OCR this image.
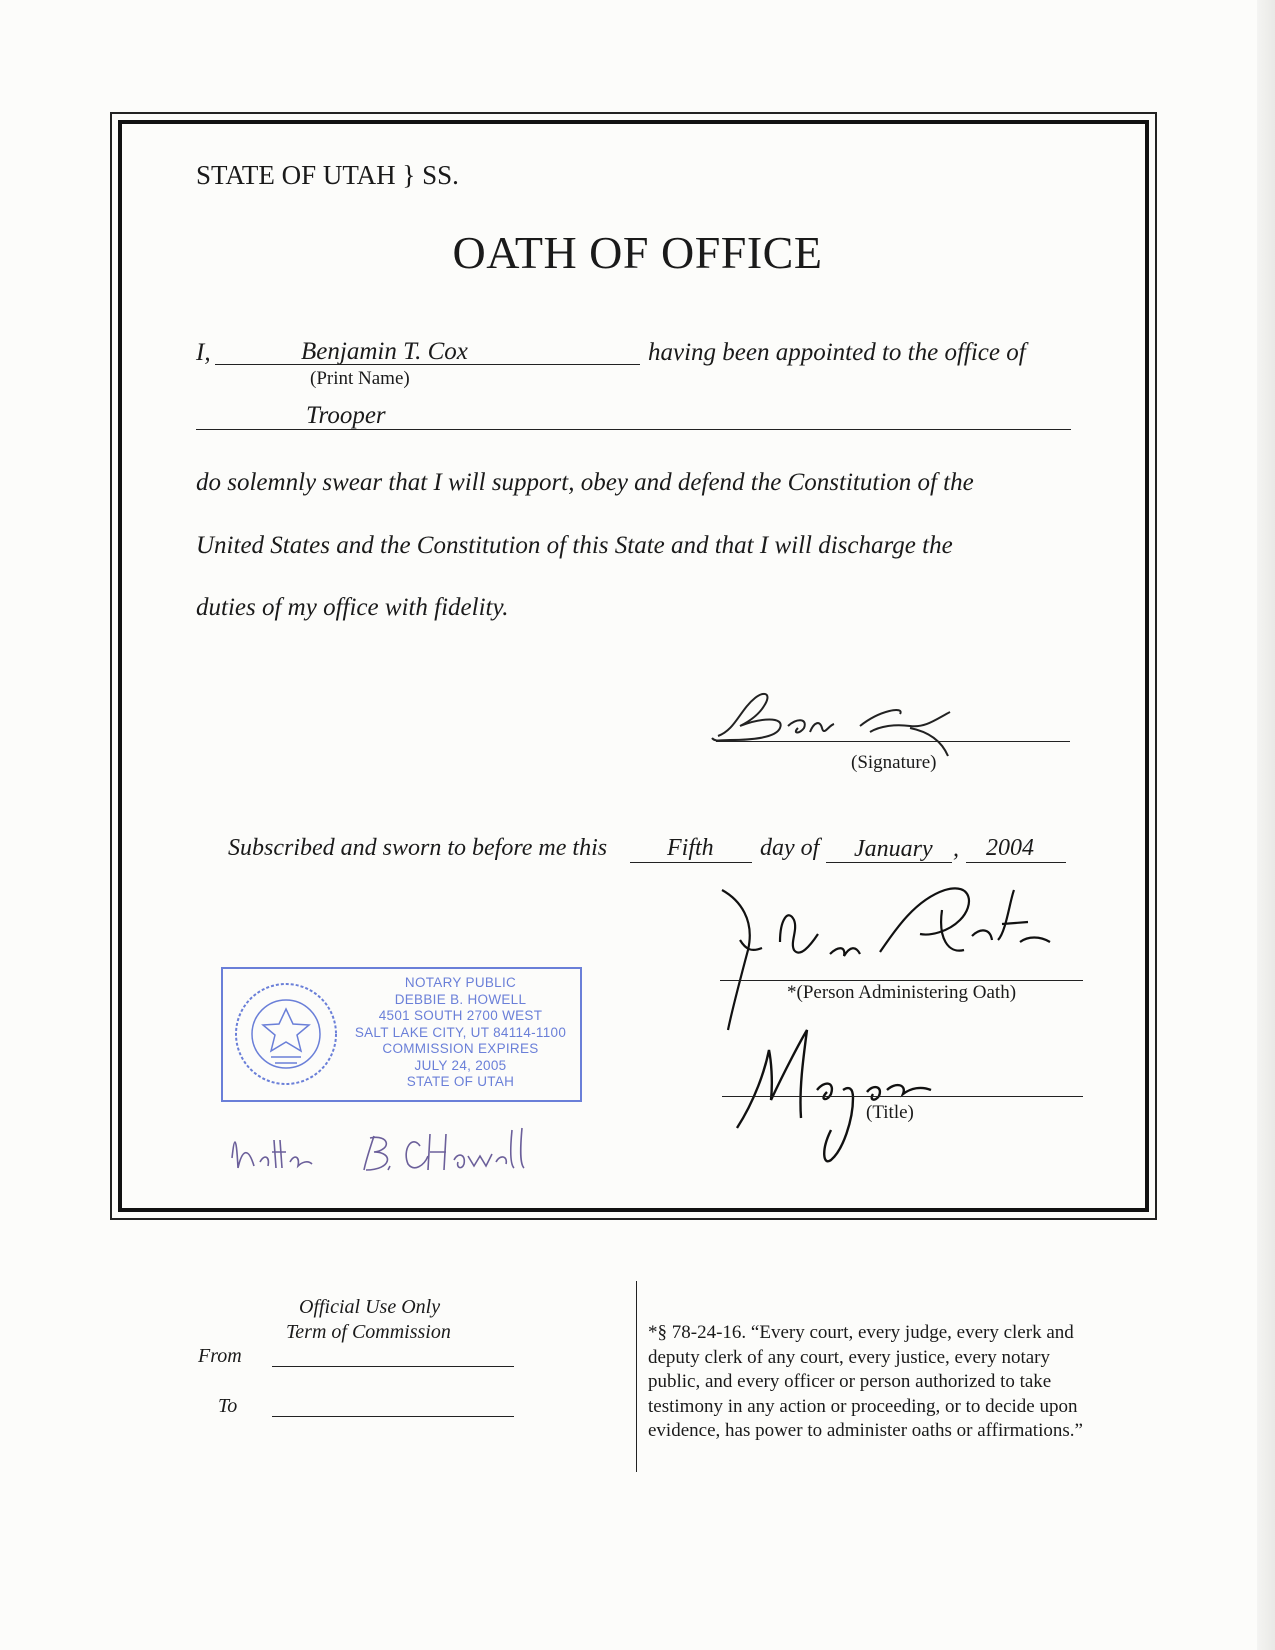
STATE OF UTAH } SS.
OATH OF OFFICE
I,	Benjamin T. Cox
(Print Name)
having been appointed to the office of
Trooper
do solemnly swear that I will support, obey and defend the Constitution of the
United States and the Constitution of this State and that I will discharge the
duties of my office with fidelity.
(Signature)
Subscribed and sworn to before me this Fifth day of January , 2004
*(Person Administering Oath)
(Title)
NOTARY PUBLIC
DEBBIE B. HOWELL
4501 SOUTH 2700 WEST
SALT LAKE CITY, UT 84114-1100
COMMISSION EXPIRES
JULY 24, 2005
STATE OF UTAH
Official Use Only
Term of Commission
From
To
*§ 78-24-16. “Every court, every judge, every clerk and
deputy clerk of any court, every justice, every notary
public, and every officer or person authorized to take
testimony in any action or proceeding, or to decide upon
evidence, has power to administer oaths or affirmations.”
